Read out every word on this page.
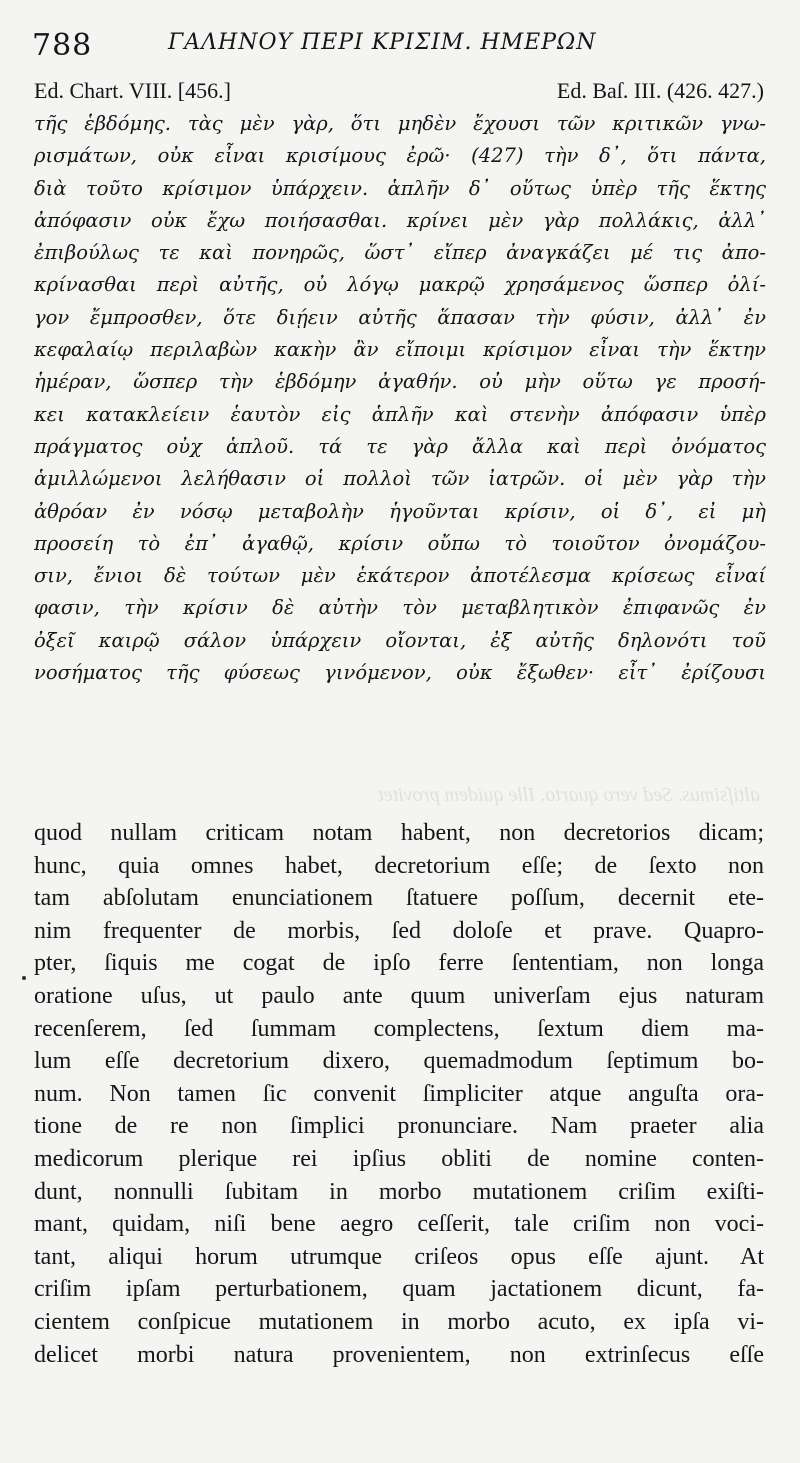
788	ΓΑΛΗΝΟΥ ΠΕΡΙ ΚΡΙΣΙΜ. ΗΜΕΡΩΝ
Ed. Chart. VIII. [456.]	Ed. Baſ. III. (426. 427.)
τῆς ἑβδόμης. τὰς μὲν γὰρ, ὅτι μηδὲν ἔχουσι τῶν κριτικῶν γνω-
ρισμάτων, οὐκ εἶναι κρισίμους ἐρῶ· (427) τὴν δ᾽, ὅτι πάντα,
διὰ τοῦτο κρίσιμον ὑπάρχειν. ἁπλῆν δ᾽ οὕτως ὑπὲρ τῆς ἕκτης
ἀπόφασιν οὐκ ἔχω ποιήσασθαι. κρίνει μὲν γὰρ πολλάκις, ἀλλ᾽
ἐπιβούλως τε καὶ πονηρῶς, ὥστ᾽ εἴπερ ἀναγκάζει μέ τις ἀπο-
κρίνασθαι περὶ αὐτῆς, οὐ λόγῳ μακρῷ χρησάμενος ὥσπερ ὀλί-
γον ἔμπροσθεν, ὅτε διῄειν αὐτῆς ἅπασαν τὴν φύσιν, ἀλλ᾽ ἐν
κεφαλαίῳ περιλαβὼν κακὴν ἂν εἴποιμι κρίσιμον εἶναι τὴν ἕκτην
ἡμέραν, ὥσπερ τὴν ἑβδόμην ἀγαθήν. οὐ μὴν οὕτω γε προσή-
κει κατακλείειν ἑαυτὸν εἰς ἁπλῆν καὶ στενὴν ἀπόφασιν ὑπὲρ
πράγματος οὐχ ἁπλοῦ. τά τε γὰρ ἄλλα καὶ περὶ ὀνόματος
ἁμιλλώμενοι λελήθασιν οἱ πολλοὶ τῶν ἰατρῶν. οἱ μὲν γὰρ τὴν
ἀθρόαν ἐν νόσῳ μεταβολὴν ἡγοῦνται κρίσιν, οἱ δ᾽, εἰ μὴ
προσείη τὸ ἐπ᾽ ἀγαθῷ, κρίσιν οὔπω τὸ τοιοῦτον ὀνομάζου-
σιν, ἔνιοι δὲ τούτων μὲν ἑκάτερον ἀποτέλεσμα κρίσεως εἶναί
φασιν, τὴν κρίσιν δὲ αὐτὴν τὸν μεταβλητικὸν ἐπιφανῶς ἐν
ὀξεῖ καιρῷ σάλον ὑπάρχειν οἴονται, ἐξ αὐτῆς δηλονότι τοῦ
νοσήματος τῆς φύσεως γινόμενον, οὐκ ἔξωθεν· εἶτ᾽ ἐρίζουσι
altiſsimus. Sed vero quarto. Ille quidem provitet
quod nullam criticam notam habent, non decretorios dicam;
hunc, quia omnes habet, decretorium eſſe; de ſexto non
tam abſolutam enunciationem ſtatuere poſſum, decernit ete-
nim frequenter de morbis, ſed doloſe et prave. Quapro-
pter, ſiquis me cogat de ipſo ferre ſententiam, non longa
oratione uſus, ut paulo ante quum univerſam ejus naturam
recenſerem, ſed ſummam complectens, ſextum diem ma-
lum eſſe decretorium dixero, quemadmodum ſeptimum bo-
num. Non tamen ſic convenit ſimpliciter atque anguſta ora-
tione de re non ſimplici pronunciare. Nam praeter alia
medicorum plerique rei ipſius obliti de nomine conten-
dunt, nonnulli ſubitam in morbo mutationem criſim exiſti-
mant, quidam, niſi bene aegro ceſſerit, tale criſim non voci-
tant, aliqui horum utrumque criſeos opus eſſe ajunt. At
criſim ipſam perturbationem, quam jactationem dicunt, fa-
cientem conſpicue mutationem in morbo acuto, ex ipſa vi-
delicet morbi natura provenientem, non extrinſecus eſſe
